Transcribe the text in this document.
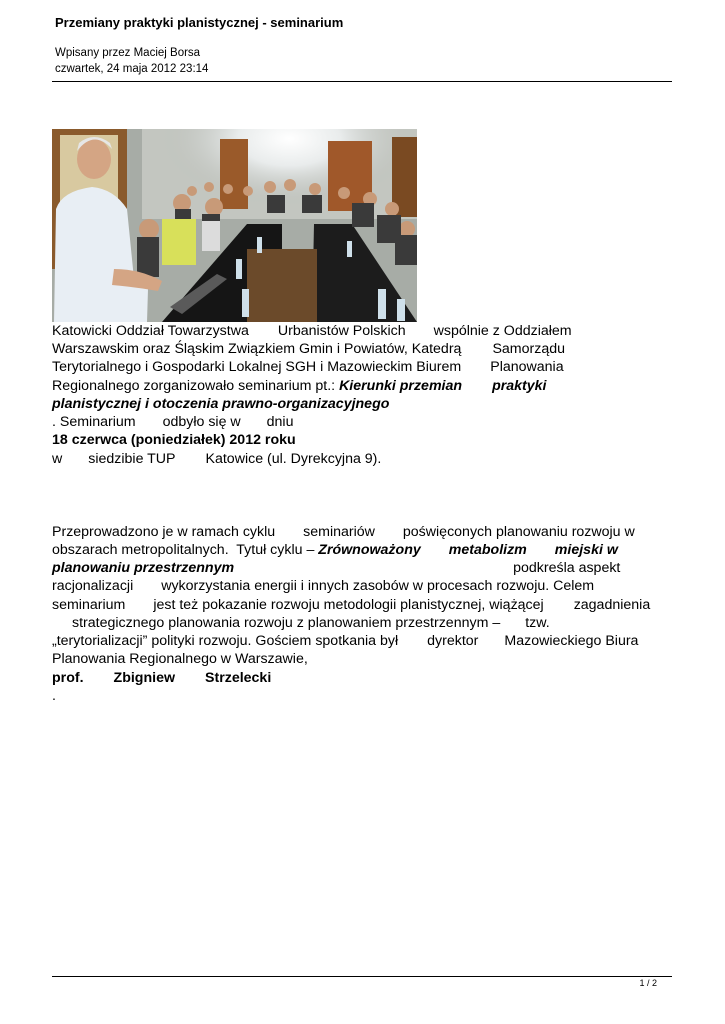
Przemiany praktyki planistycznej - seminarium
Wpisany przez Maciej Borsa
czwartek, 24 maja 2012 23:14
Katowicki Oddział Towarzystwa Urbanistów Polskich wspólnie z Oddziałem
Warszawskim oraz Śląskim Związkiem Gmin i Powiatów, Katedrą Samorządu
Terytorialnego i Gospodarki Lokalnej SGH i Mazowieckim Biurem Planowania
Regionalnego zorganizowało seminarium pt.: Kierunki przemian praktyki
planistycznej i otoczenia prawno-organizacyjnego
. Seminarium odbyło się w dniu
18 czerwca (poniedziałek) 2012 roku
w siedzibie TUP Katowice (ul. Dyrekcyjna 9).
Przeprowadzono je w ramach cyklu seminariów poświęconych planowaniu rozwoju w
obszarach metropolitalnych.  Tytuł cyklu – Zrównoważony metabolizm miejski w
planowaniu przestrzennym	podkreśla aspekt
racjonalizacji wykorzystania energii i innych zasobów w procesach rozwoju. Celem
seminarium jest też pokazanie rozwoju metodologii planistycznej, wiążącej zagadnienia
strategicznego planowania rozwoju z planowaniem przestrzennym – tzw.
„terytorializacji” polityki rozwoju. Gościem spotkania był dyrektor Mazowieckiego Biura
Planowania Regionalnego w Warszawie,
prof. Zbigniew Strzelecki
.
1 / 2
